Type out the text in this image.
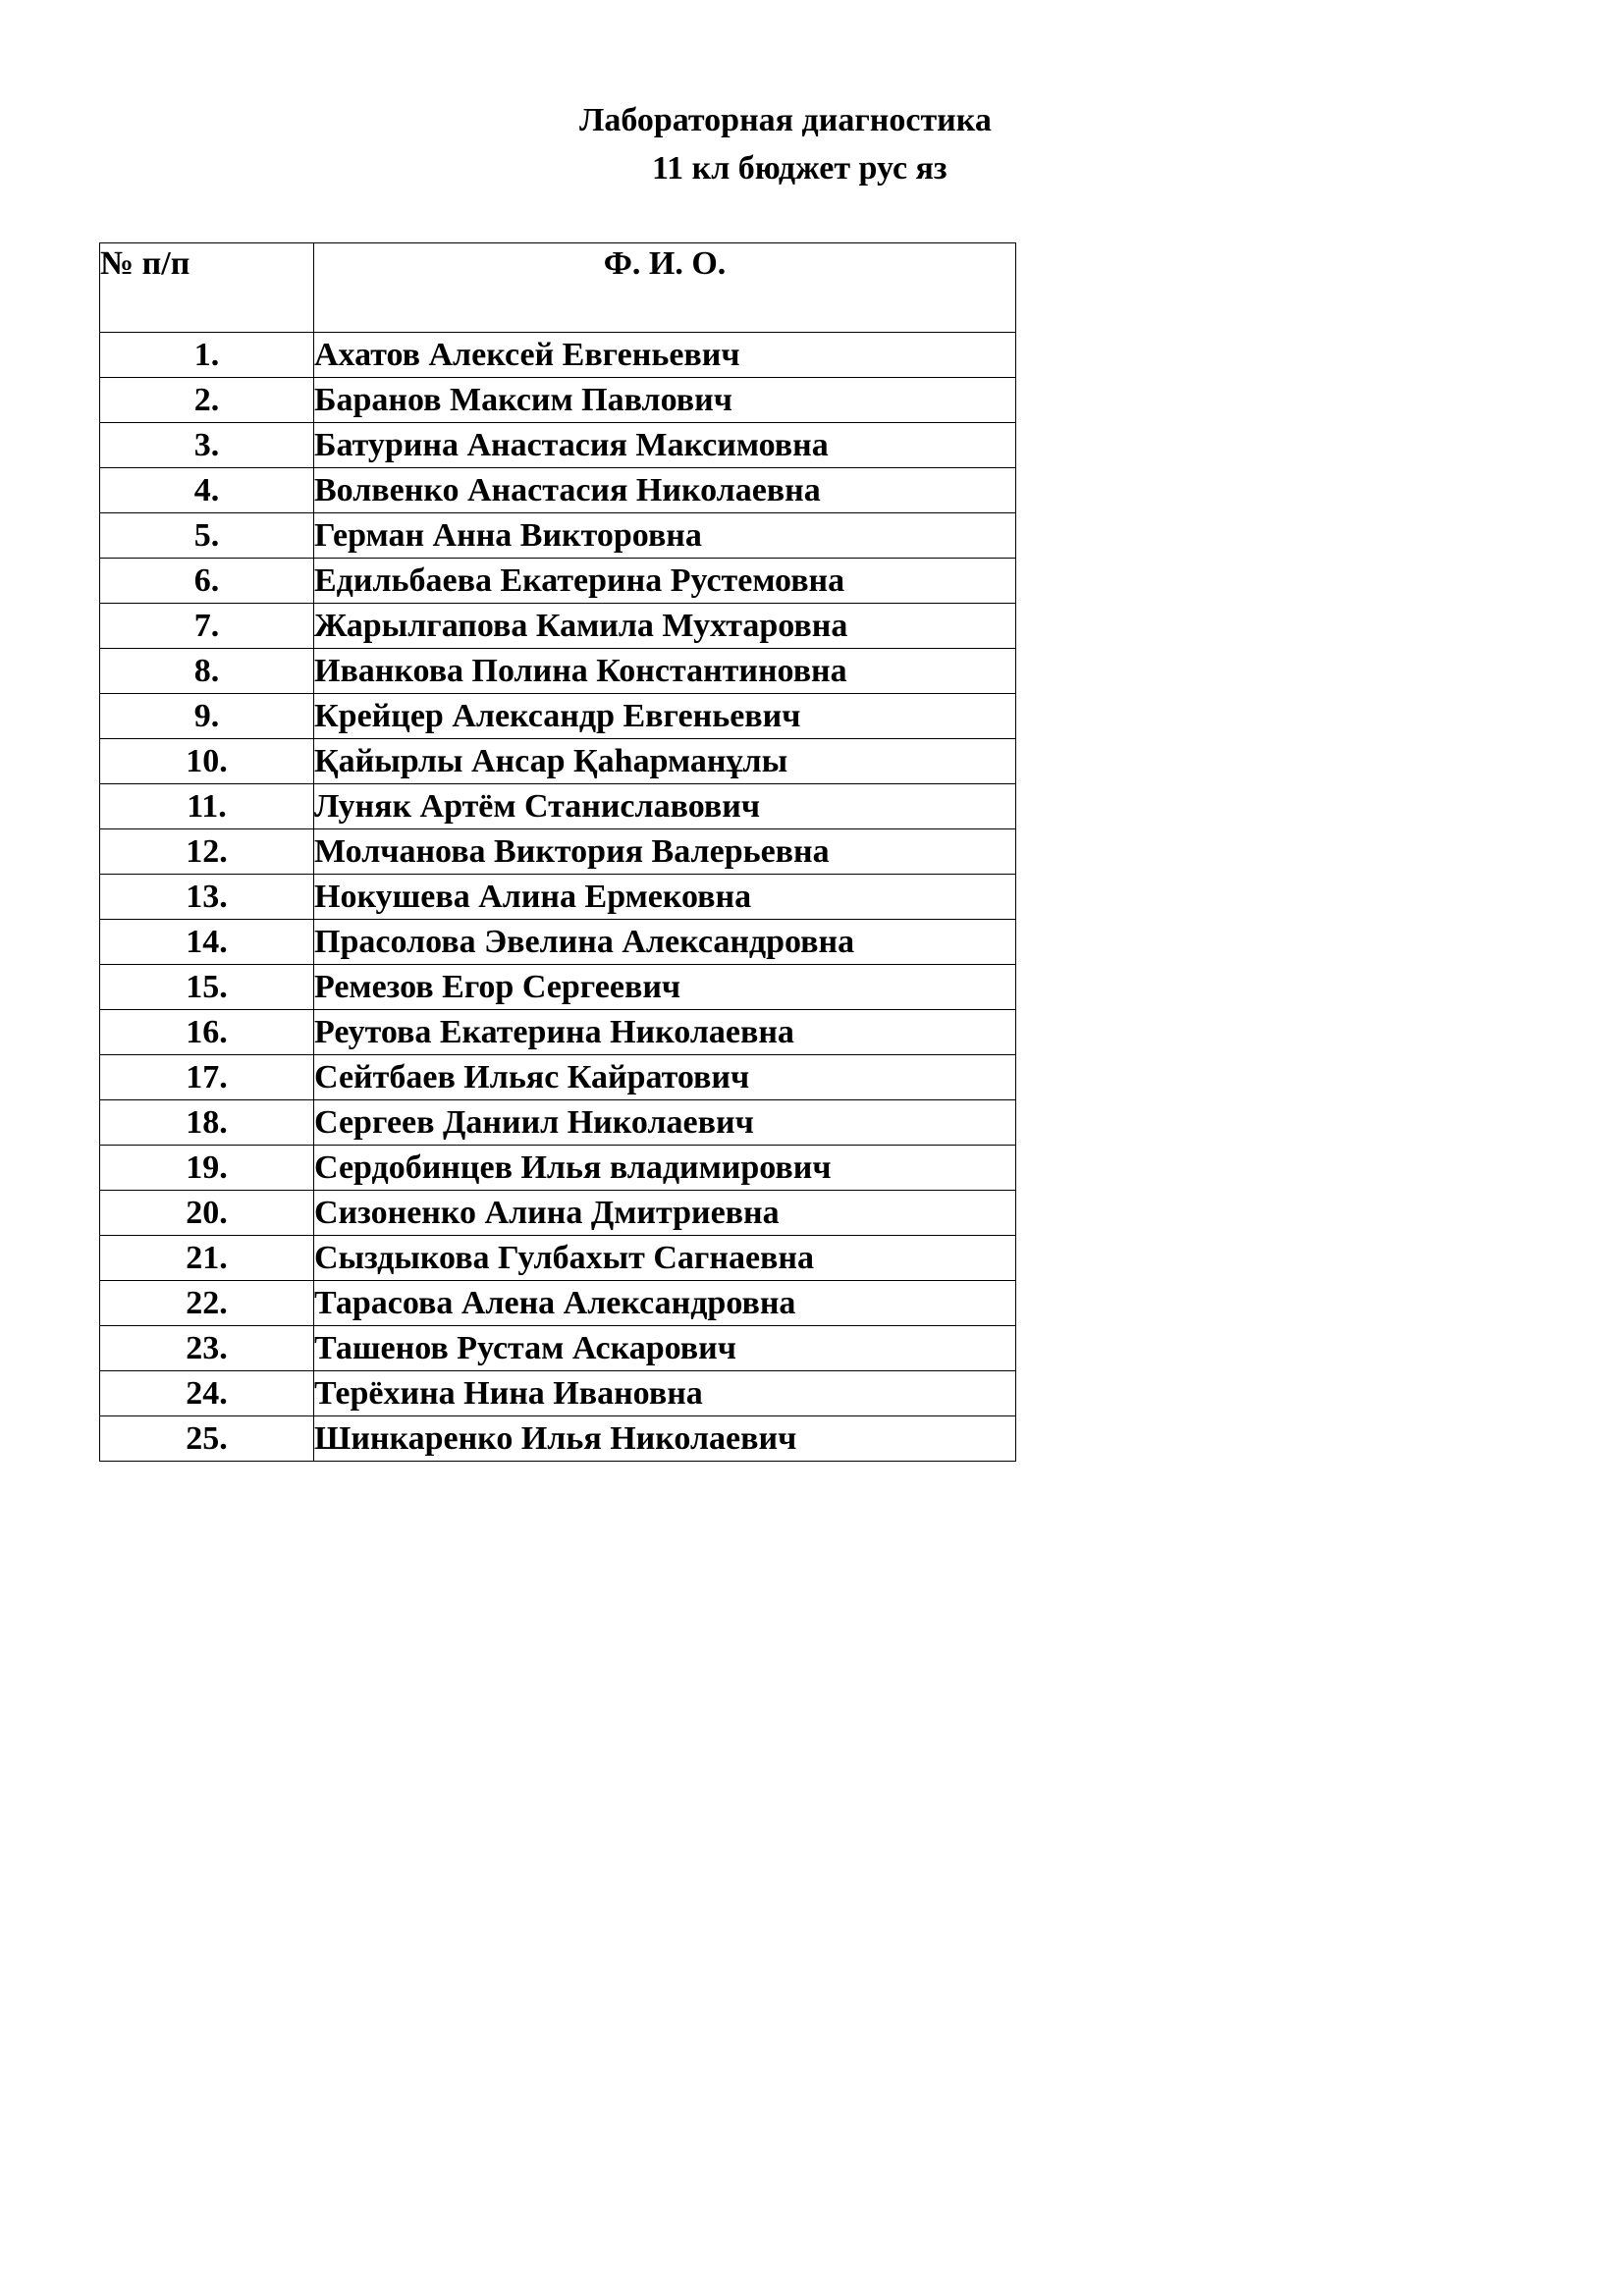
Лабораторная диагностика
11 кл бюджет рус яз
№ п/п	Ф. И. О.
1.	Ахатов Алексей Евгеньевич
2.	Баранов Максим Павлович
3.	Батурина Анастасия Максимовна
4.	Волвенко Анастасия Николаевна
5.	Герман Анна Викторовна
6.	Едильбаева Екатерина Рустемовна
7.	Жарылгапова Камила Мухтаровна
8.	Иванкова Полина Константиновна
9.	Крейцер Александр Евгеньевич
10.	Қайырлы Ансар Қаһарманұлы
11.	Луняк Артём Станиславович
12.	Молчанова Виктория Валерьевна
13.	Нокушева Алина Ермековна
14.	Прасолова Эвелина Александровна
15.	Ремезов Егор Сергеевич
16.	Реутова Екатерина Николаевна
17.	Сейтбаев Ильяс Кайратович
18.	Сергеев Даниил Николаевич
19.	Сердобинцев Илья владимирович
20.	Сизоненко Алина Дмитриевна
21.	Сыздыкова Гулбахыт Сагнаевна
22.	Тарасова Алена Александровна
23.	Ташенов Рустам Аскарович
24.	Терёхина Нина Ивановна
25.	Шинкаренко Илья Николаевич
